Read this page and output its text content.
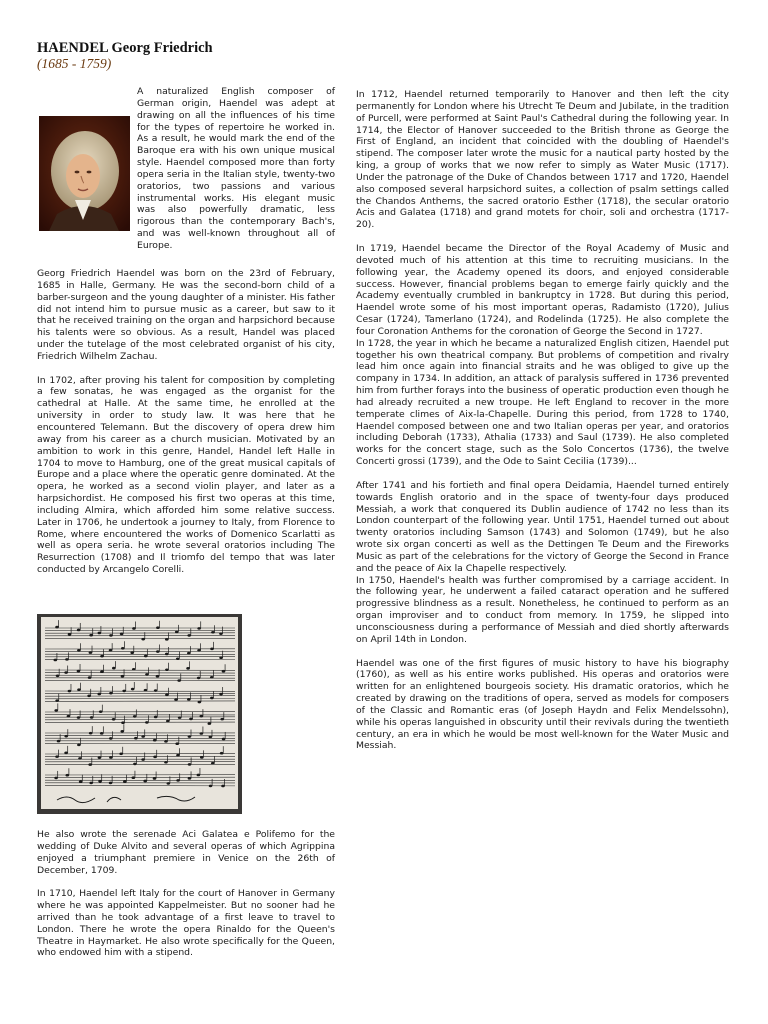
HAENDEL Georg Friedrich
(1685 - 1759)

A naturalized English composer of German origin, Haendel was adept at drawing on all the influences of his time for the types of repertoire he worked in. As a result, he would mark the end of the Baroque era with his own unique musical style. Haendel composed more than forty opera seria in the Italian style, twenty-two oratorios, two passions and various instrumental works. His elegant music was also powerfully dramatic, less rigorous than the contemporary Bach's, and was well-known throughout all of Europe.

Georg Friedrich Haendel was born on the 23rd of February, 1685 in Halle, Germany. He was the second-born child of a barber-surgeon and the young daughter of a minister. His father did not intend him to pursue music as a career, but saw to it that he received training on the organ and harpsichord because his talents were so obvious. As a result, Handel was placed under the tutelage of the most celebrated organist of his city, Friedrich Wilhelm Zachau.

In 1702, after proving his talent for composition by completing a few sonatas, he was engaged as the organist for the cathedral at Halle. At the same time, he enrolled at the university in order to study law. It was here that he encountered Telemann. But the discovery of opera drew him away from his career as a church musician. Motivated by an ambition to work in this genre, Handel, Handel left Halle in 1704 to move to Hamburg, one of the great musical capitals of Europe and a place where the operatic genre dominated. At the opera, he worked as a second violin player, and later as a harpsichordist. He composed his first two operas at this time, including Almira, which afforded him some relative success. Later in 1706, he undertook a journey to Italy, from Florence to Rome, where encountered the works of Domenico Scarlatti as well as opera seria. he wrote several oratorios including The Resurrection (1708) and Il triomfo del tempo that was later conducted by Arcangelo Corelli.

He also wrote the serenade Aci Galatea e Polifemo for the wedding of Duke Alvito and several operas of which Agrippina enjoyed a triumphant premiere in Venice on the 26th of December, 1709.

In 1710, Haendel left Italy for the court of Hanover in Germany where he was appointed Kappelmeister. But no sooner had he arrived than he took advantage of a first leave to travel to London. There he wrote the opera Rinaldo for the Queen's Theatre in Haymarket. He also wrote specifically for the Queen, who endowed him with a stipend.

In 1712, Haendel returned temporarily to Hanover and then left the city permanently for London where his Utrecht Te Deum and Jubilate, in the tradition of Purcell, were performed at Saint Paul's Cathedral during the following year. In 1714, the Elector of Hanover succeeded to the British throne as George the First of England, an incident that coincided with the doubling of Haendel's stipend. The composer later wrote the music for a nautical party hosted by the king, a group of works that we now refer to simply as Water Music (1717). Under the patronage of the Duke of Chandos between 1717 and 1720, Haendel also composed several harpsichord suites, a collection of psalm settings called the Chandos Anthems, the sacred oratorio Esther (1718), the secular oratorio Acis and Galatea (1718) and grand motets for choir, soli and orchestra (1717-20).

In 1719, Haendel became the Director of the Royal Academy of Music and devoted much of his attention at this time to recruiting musicians. In the following year, the Academy opened its doors, and enjoyed considerable success. However, financial problems began to emerge fairly quickly and the Academy eventually crumbled in bankruptcy in 1728. But during this period, Haendel wrote some of his most important operas, Radamisto (1720), Julius Cesar (1724), Tamerlano (1724), and Rodelinda (1725). He also complete the four Coronation Anthems for the coronation of George the Second in 1727.

In 1728, the year in which he became a naturalized English citizen, Haendel put together his own theatrical company. But problems of competition and rivalry lead him once again into financial straits and he was obliged to give up the company in 1734. In addition, an attack of paralysis suffered in 1736 prevented him from further forays into the business of operatic production even though he had already recruited a new troupe. He left England to recover in the more temperate climes of Aix-la-Chapelle. During this period, from 1728 to 1740, Haendel composed between one and two Italian operas per year, and oratorios including Deborah (1733), Athalia (1733) and Saul (1739). He also completed works for the concert stage, such as the Solo Concertos (1736), the twelve Concerti grossi (1739), and the Ode to Saint Cecilia (1739)...

After 1741 and his fortieth and final opera Deidamia, Haendel turned entirely towards English oratorio and in the space of twenty-four days produced Messiah, a work that conquered its Dublin audience of 1742 no less than its London counterpart of the following year. Until 1751, Haendel turned out about twenty oratorios including Samson (1743) and Solomon (1749), but he also wrote six organ concerti as well as the Dettingen Te Deum and the Fireworks Music as part of the celebrations for the victory of George the Second in France and the peace of Aix la Chapelle respectively.

In 1750, Haendel's health was further compromised by a carriage accident. In the following year, he underwent a failed cataract operation and he suffered progressive blindness as a result. Nonetheless, he continued to perform as an organ improviser and to conduct from memory. In 1759, he slipped into unconsciousness during a performance of Messiah and died shortly afterwards on April 14th in London.

Haendel was one of the first figures of music history to have his biography (1760), as well as his entire works published. His operas and oratorios were written for an enlightened bourgeois society. His dramatic oratorios, which he created by drawing on the traditions of opera, served as models for composers of the Classic and Romantic eras (of Joseph Haydn and Felix Mendelssohn), while his operas languished in obscurity until their revivals during the twentieth century, an era in which he would be most well-known for the Water Music and Messiah.
